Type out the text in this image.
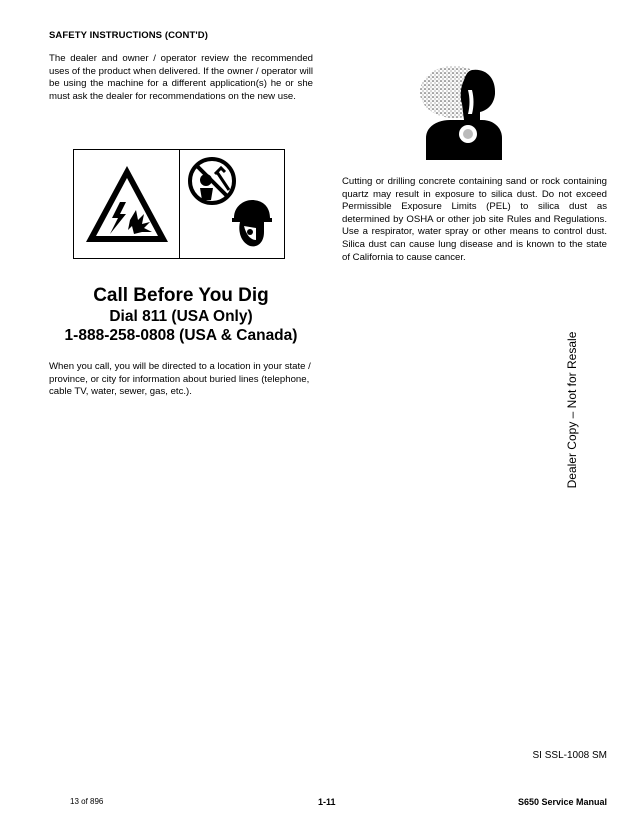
SAFETY INSTRUCTIONS (CONT'D)
The dealer and owner / operator review the recommended uses of the product when delivered. If the owner / operator will be using the machine for a different application(s) he or she must ask the dealer for recommendations on the new use.
Cutting or drilling concrete containing sand or rock containing quartz may result in exposure to silica dust. Do not exceed Permissible Exposure Limits (PEL) to silica dust as determined by OSHA or other job site Rules and Regulations. Use a respirator, water spray or other means to control dust. Silica dust can cause lung disease and is known to the state of California to cause cancer.
Call Before You Dig
Dial 811 (USA Only)
1-888-258-0808 (USA & Canada)
When you call, you will be directed to a location in your state / province, or city for information about buried lines (telephone, cable TV, water, sewer, gas, etc.).	Dealer Copy – Not for Resale
SI SSL-1008 SM
13 of 896	1-11	S650 Service Manual
